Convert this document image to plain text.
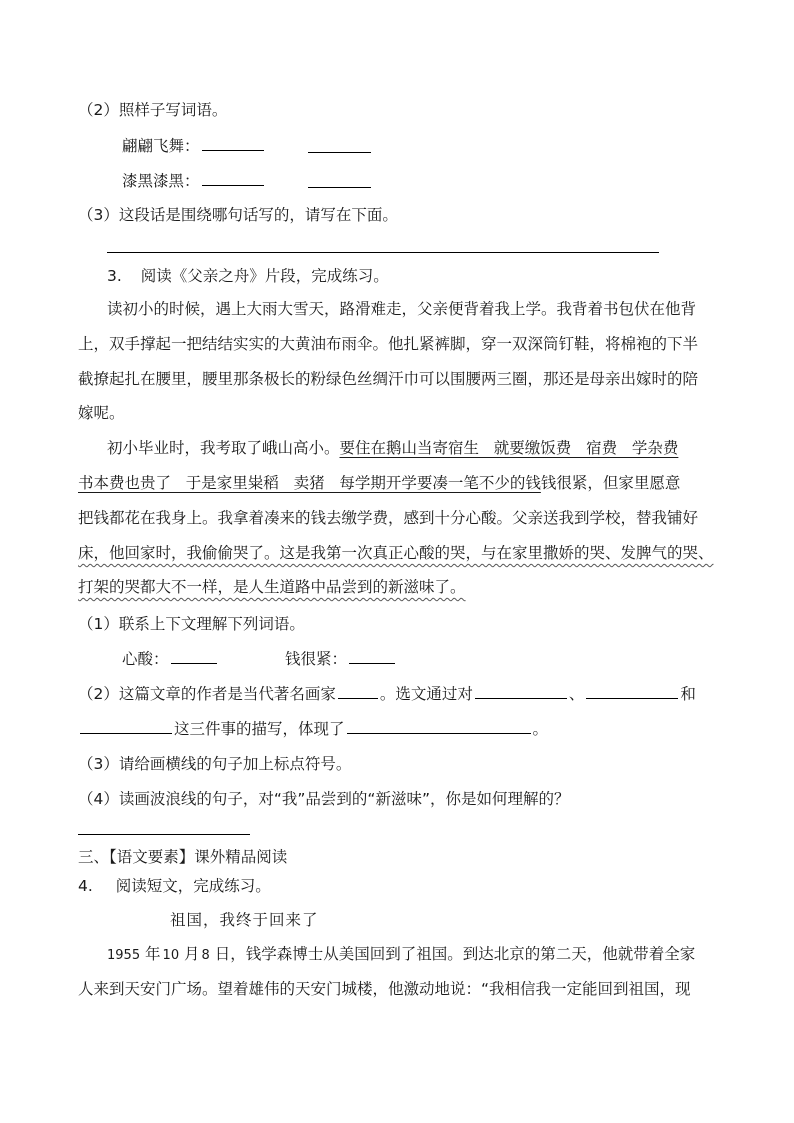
（2）照样子写词语。
翩翩飞舞：
漆黑漆黑：
（3）这段话是围绕哪句话写的，请写在下面。
3. 阅读《父亲之舟》片段，完成练习。
读初小的时候，遇上大雨大雪天，路滑难走，父亲便背着我上学。我背着书包伏在他背
上，双手撑起一把结结实实的大黄油布雨伞。他扎紧裤脚，穿一双深筒钉鞋，将棉袍的下半
截撩起扎在腰里，腰里那条极长的粉绿色丝绸汗巾可以围腰两三圈，那还是母亲出嫁时的陪
嫁呢。
初小毕业时，我考取了峨山高小。要住在鹅山当寄宿生   就要缴饭费   宿费   学杂费
书本费也贵了   于是家里粜稻   卖猪   每学期开学要凑一笔不少的钱钱很紧，但家里愿意
把钱都花在我身上。我拿着凑来的钱去缴学费，感到十分心酸。父亲送我到学校，替我铺好
床，他回家时，我偷偷哭了。这是我第一次真正心酸的哭，与在家里撒娇的哭、发脾气的哭、
打架的哭都大不一样，是人生道路中品尝到的新滋味了。
（1）联系上下文理解下列词语。
心酸：	钱很紧：
（2）这篇文章的作者是当代著名画家	。选文通过对	、	和
这三件事的描写，体现了	。
（3）请给画横线的句子加上标点符号。
（4）读画波浪线的句子，对“我”品尝到的“新滋味”，你是如何理解的？
三、【语文要素】课外精品阅读
4. 阅读短文，完成练习。
祖国，我终于回来了
1955 年 10 月 8 日，钱学森博士从美国回到了祖国。到达北京的第二天，他就带着全家
人来到天安门广场。望着雄伟的天安门城楼，他激动地说：“我相信我一定能回到祖国，现
